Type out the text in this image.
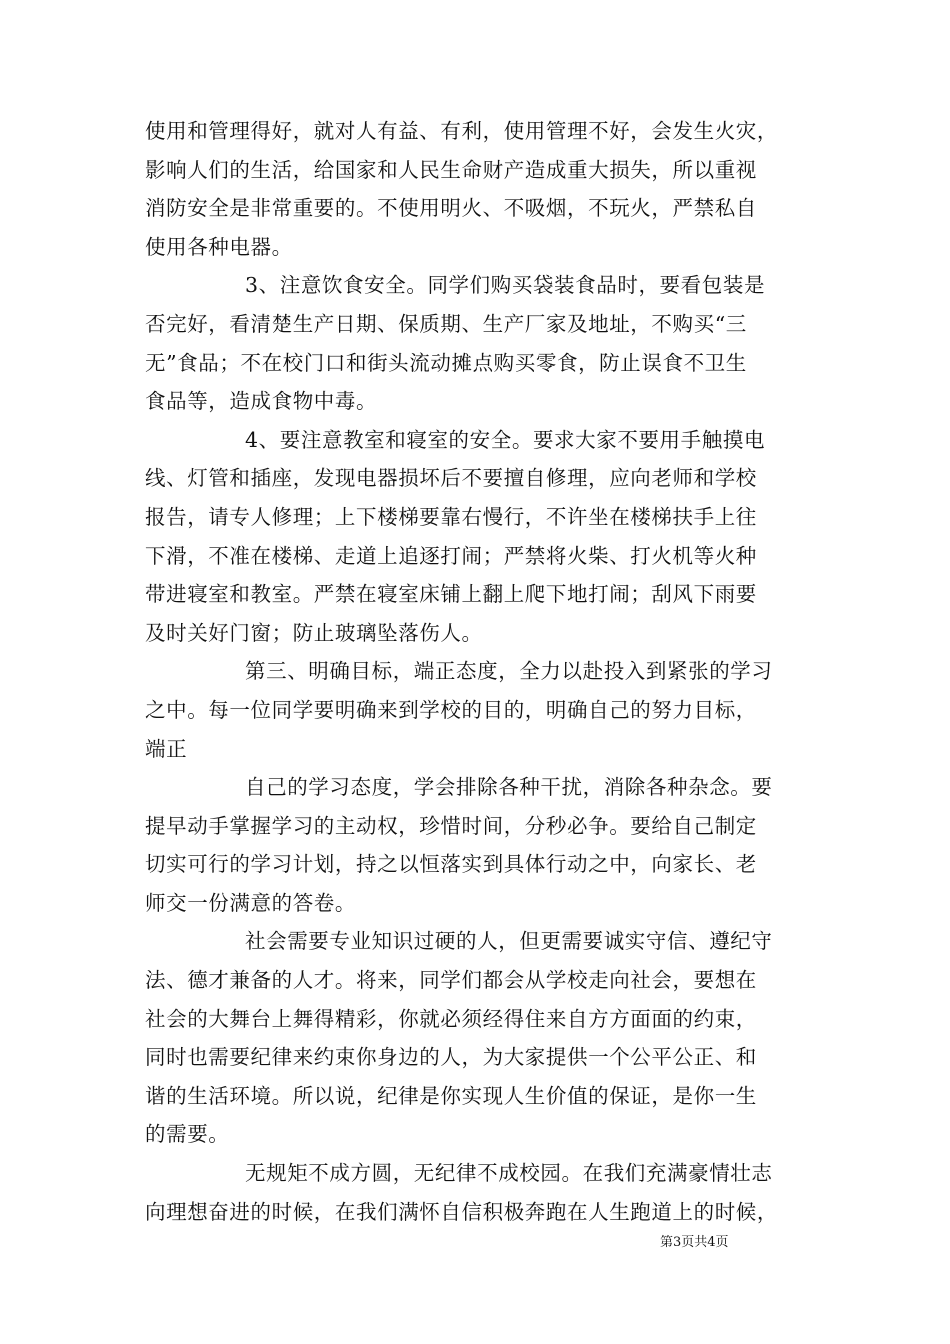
使用和管理得好，就对人有益、有利，使用管理不好，会发生火灾，
影响人们的生活，给国家和人民生命财产造成重大损失，所以重视
消防安全是非常重要的。不使用明火、不吸烟，不玩火，严禁私自
使用各种电器。
3、注意饮食安全。同学们购买袋装食品时，要看包装是
否完好，看清楚生产日期、保质期、生产厂家及地址，不购买“三
无”食品；不在校门口和街头流动摊点购买零食，防止误食不卫生
食品等，造成食物中毒。
4、要注意教室和寝室的安全。要求大家不要用手触摸电
线、灯管和插座，发现电器损坏后不要擅自修理，应向老师和学校
报告，请专人修理；上下楼梯要靠右慢行，不许坐在楼梯扶手上往
下滑，不准在楼梯、走道上追逐打闹；严禁将火柴、打火机等火种
带进寝室和教室。严禁在寝室床铺上翻上爬下地打闹；刮风下雨要
及时关好门窗；防止玻璃坠落伤人。
第三、明确目标，端正态度，全力以赴投入到紧张的学习
之中。每一位同学要明确来到学校的目的，明确自己的努力目标，
端正
自己的学习态度，学会排除各种干扰，消除各种杂念。要
提早动手掌握学习的主动权，珍惜时间，分秒必争。要给自己制定
切实可行的学习计划，持之以恒落实到具体行动之中，向家长、老
师交一份满意的答卷。
社会需要专业知识过硬的人，但更需要诚实守信、遵纪守
法、德才兼备的人才。将来，同学们都会从学校走向社会，要想在
社会的大舞台上舞得精彩，你就必须经得住来自方方面面的约束，
同时也需要纪律来约束你身边的人，为大家提供一个公平公正、和
谐的生活环境。所以说，纪律是你实现人生价值的保证，是你一生
的需要。
无规矩不成方圆，无纪律不成校园。在我们充满豪情壮志
向理想奋进的时候，在我们满怀自信积极奔跑在人生跑道上的时候，
第3页共4页
